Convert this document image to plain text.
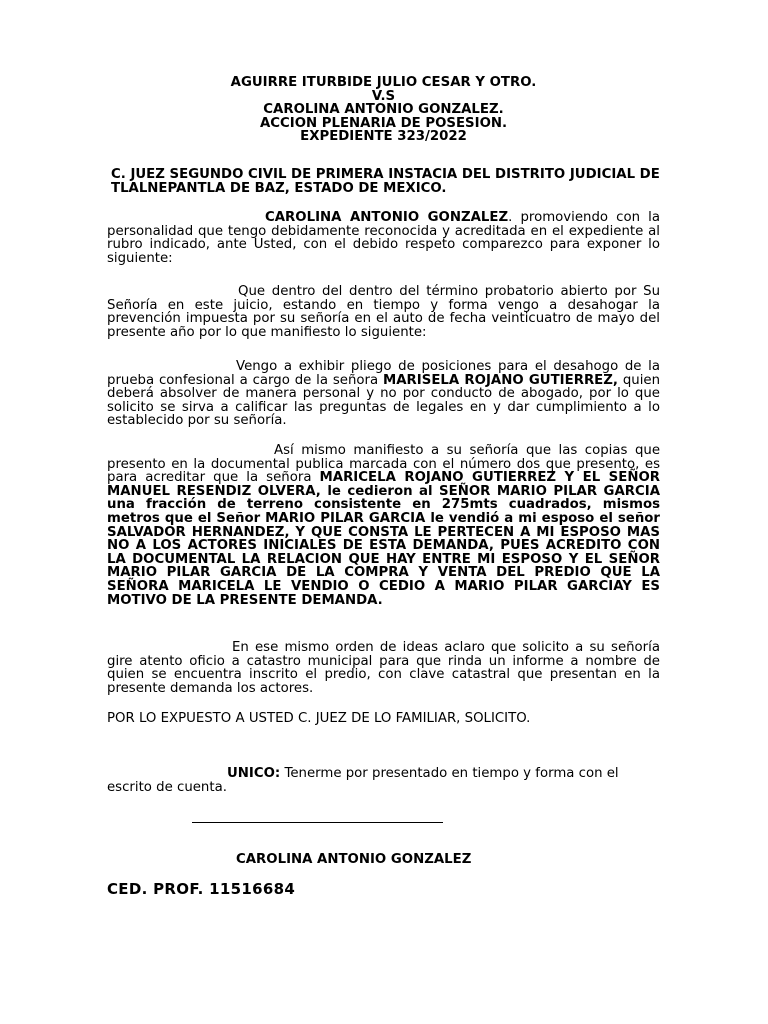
AGUIRRE ITURBIDE JULIO CESAR Y OTRO.
V.S
CAROLINA ANTONIO GONZALEZ.
ACCION PLENARIA DE POSESION.
EXPEDIENTE 323/2022
C. JUEZ SEGUNDO CIVIL DE PRIMERA INSTACIA DEL DISTRITO JUDICIAL DE TLALNEPANTLA DE BAZ, ESTADO DE MEXICO.
CAROLINA ANTONIO GONZALEZ. promoviendo con la personalidad que tengo debidamente reconocida y acreditada en el expediente al rubro indicado, ante Usted, con el debido respeto comparezco para exponer lo siguiente:
Que dentro del dentro del término probatorio abierto por Su Señoría en este juicio, estando en tiempo y forma vengo a desahogar la prevención impuesta por su señoría en el auto de fecha veinticuatro de mayo del presente año por lo que manifiesto lo siguiente:
Vengo a exhibir pliego de posiciones para el desahogo de la prueba confesional a cargo de la señora MARISELA ROJANO GUTIERREZ, quien deberá absolver de manera personal y no por conducto de abogado, por lo que solicito se sirva a calificar las preguntas de legales en y dar cumplimiento a lo establecido por su señoría.
Así mismo manifiesto a su señoría que las copias que presento en la documental publica marcada con el número dos que presento, es para acreditar que la señora MARICELA ROJANO GUTIERREZ Y EL SEÑOR MANUEL RESENDIZ OLVERA, le cedieron al SEÑOR MARIO PILAR GARCIA una fracción de terreno consistente en 275mts cuadrados, mismos metros que el Señor MARIO PILAR GARCIA le vendió a mi esposo el señor SALVADOR HERNANDEZ, Y QUE CONSTA LE PERTECEN A MI ESPOSO MAS NO A LOS ACTORES INICIALES DE ESTA DEMANDA, PUES ACREDITO CON LA DOCUMENTAL LA RELACION QUE HAY ENTRE MI ESPOSO Y EL SEÑOR MARIO PILAR GARCIA DE LA COMPRA Y VENTA DEL PREDIO QUE LA SEÑORA MARICELA LE VENDIO O CEDIO A MARIO PILAR GARCIAY ES MOTIVO DE LA PRESENTE DEMANDA.
En ese mismo orden de ideas aclaro que solicito a su señoría gire atento oficio a catastro municipal para que rinda un informe a nombre de quien se encuentra inscrito el predio, con clave catastral que presentan en la presente demanda los actores.
POR LO EXPUESTO A USTED C. JUEZ DE LO FAMILIAR, SOLICITO.
UNICO: Tenerme por presentado en tiempo y forma con el escrito de cuenta.
CAROLINA ANTONIO GONZALEZ
CED. PROF. 11516684
